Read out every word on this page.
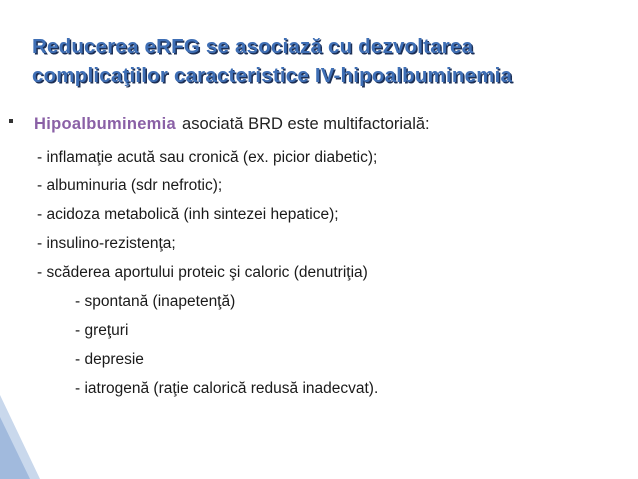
Reducerea eRFG se asociază cu dezvoltarea
complicaţiilor caracteristice IV-hipoalbuminemia
Hipoalbuminemia asociată BRD este multifactorială:
- inflamaţie acută sau cronică (ex. picior diabetic);
- albuminuria (sdr nefrotic);
- acidoza metabolică (inh sintezei hepatice);
- insulino-rezistenţa;
- scăderea aportului proteic şi caloric (denutriţia)
- spontană (inapetenţă)
- greţuri
- depresie
- iatrogenă (raţie calorică redusă inadecvat).
